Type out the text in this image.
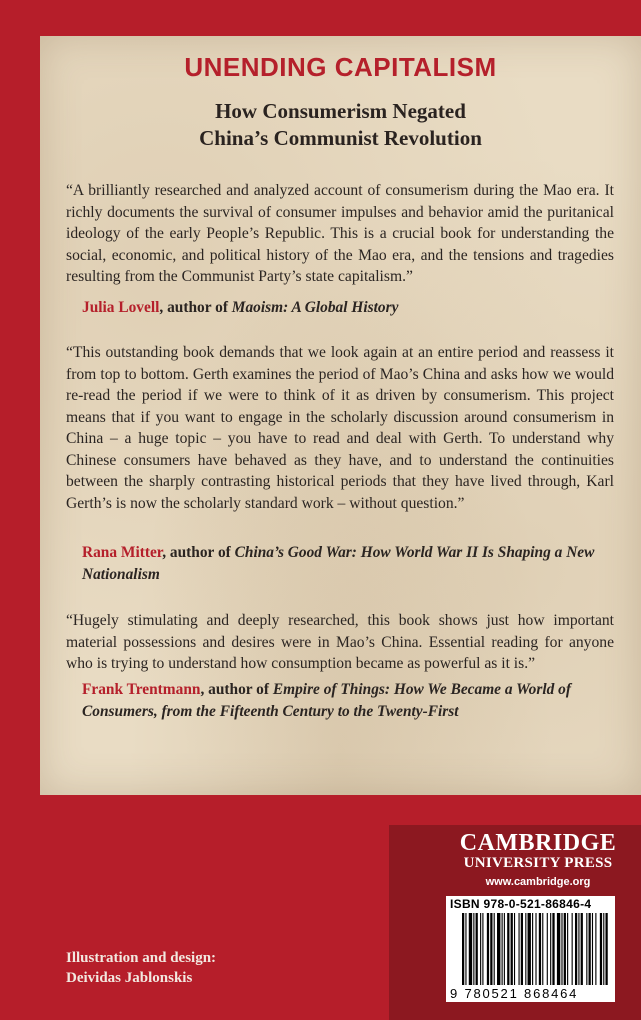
UNENDING CAPITALISM
How Consumerism Negated
China’s Communist Revolution
“A brilliantly researched and analyzed account of consumerism during the Mao era. It richly documents the survival of consumer impulses and behavior amid the puritanical ideology of the early People’s Republic. This is a crucial book for understanding the social, economic, and political history of the Mao era, and the tensions and tragedies resulting from the Communist Party’s state capitalism.”
Julia Lovell, author of Maoism: A Global History
“This outstanding book demands that we look again at an entire period and reassess it from top to bottom. Gerth examines the period of Mao’s China and asks how we would re-read the period if we were to think of it as driven by consumerism. This project means that if you want to engage in the scholarly discussion around consumerism in China – a huge topic – you have to read and deal with Gerth. To understand why Chinese consumers have behaved as they have, and to understand the continuities between the sharply contrasting historical periods that they have lived through, Karl Gerth’s is now the scholarly standard work – without question.”
Rana Mitter, author of China’s Good War: How World War II Is Shaping a New Nationalism
“Hugely stimulating and deeply researched, this book shows just how important material possessions and desires were in Mao’s China. Essential reading for anyone who is trying to understand how consumption became as powerful as it is.”
Frank Trentmann, author of Empire of Things: How We Became a World of Consumers, from the Fifteenth Century to the Twenty-First
Illustration and design:
Deividas Jablonskis
CAMBRIDGE
UNIVERSITY PRESS
www.cambridge.org
ISBN 978-0-521-86846-4
9 780521 868464
